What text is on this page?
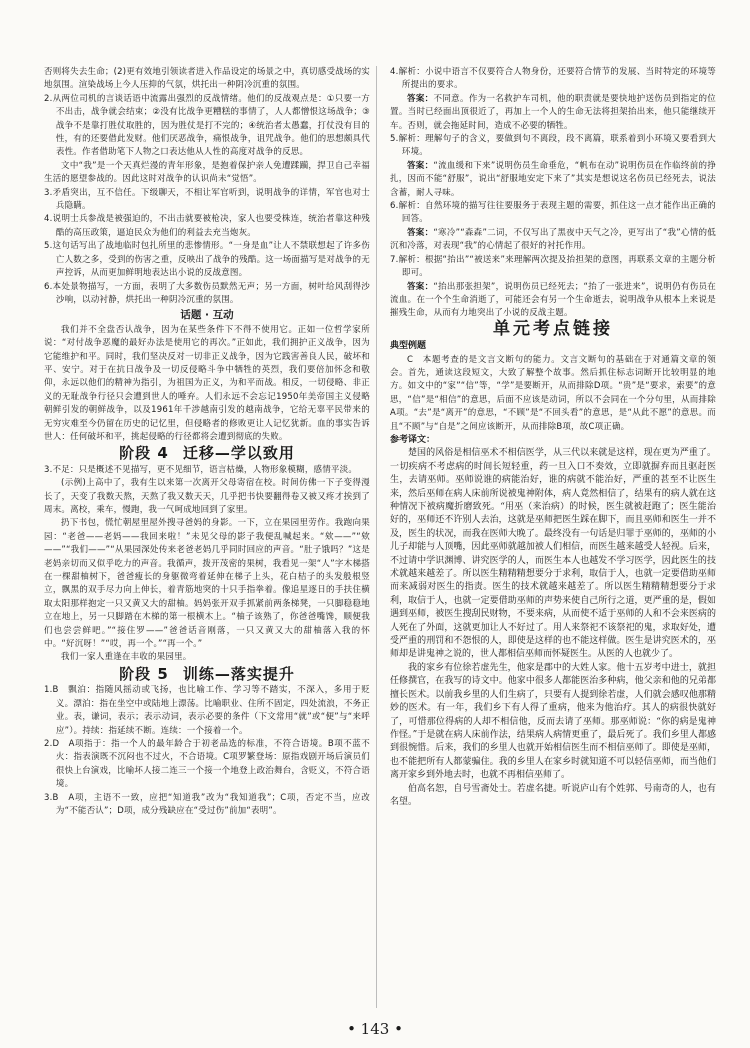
否则将失去生命；(2)更有效地引领读者进入作品设定的场景之中，真切感受战场的实地氛围。渲染战场上今人压抑的气氛，烘托出一种阴冷沉重的氛围。

2.从两位司机的言谈话语中流露出强烈的反战情绪。他们的反战观点是：①只要一方不出击，战争就会结束；②没有比战争更糟糕的事情了，人人都憎恨这场战争；③战争不是靠打胜仗取胜的，因为胜仗是打不完的；④统治者太愚蠢，打仗没有目的性，有的还要借此发财。他们厌恶战争，痛恨战争，诅咒战争。他们的思想颇具代表性。作者借助笔下人物之口表达他从人性的高度对战争的反思。

文中“我”是一个天真烂漫的青年形象，是抱着保护亲人免遭蹂躏，捍卫自己幸福生活的愿望参战的。因此这时对战争的认识尚未“觉悟”。

3.矛盾突出，互不信任。下级聊天，不相让军官听到，说明战争的详情，军官也对士兵隐瞒。

4.说明士兵参战是被强迫的，不出击就要被枪决，家人也要受株连，统治者靠这种残酷的高压政策，逼迫民众为他们的利益去充当炮灰。

5.这句话写出了战地临时包扎所里的悲惨情形。“一身是血”让人不禁联想起了许多伤亡人数之多，受到的伤害之重，反映出了战争的残酷。这一场面描写是对战争的无声控诉，从而更加鲜明地表达出小说的反战意图。

6.本处景物描写，一方面，表明了大多数伤员默然无声；另一方面，树叶给风刮得沙沙响，以动衬静，烘托出一种阴冷沉重的氛围。

话题 · 互动

我们并不全盘否认战争，因为在某些条件下不得不使用它。正如一位哲学家所说：“对付战争恶魔的最好办法是使用它的再次。”正如此，我们拥护正义战争，因为它能维护和平。同时，我们坚决反对一切非正义战争，因为它践害善良人民，破坏和平、安宁。对于在抗日战争及一切反侵略斗争中牺牲的英烈，我们要倍加怀念和敬仰，永远以他们的精神为指引，为祖国为正义，为和平而战。相反，一切侵略、非正义的无耻战争行径只会遭到世人的唾弃。人们永远不会忘记1950年美帝国主义侵略朝鲜引发的朝鲜战争，以及1961年千涉越南引发的越南战争，它给无辜平民带来的无穷灾难至今仍留在历史的记忆里，但侵略者的修败更让人记忆犹新。血的事实告诉世人：任何破坏和平，挑起侵略的行径都将会遭到彻底的失败。

阶段 4 迁移—学以致用

3.不足：只是概述不见描写，更不见细节，语言枯燥，人物形象模糊，感情平淡。

(示例)上高中了，我有生以来第一次离开父母寄宿在校。时间仿佛一下子变得漫长了，天变了我数天熬，天熬了我又数天天，几乎把书快要翻得卷又被又疼才挨到了周末。离校，乘车，慢跑，我一气呵成地回到了家里。

扔下书包，慌忙朝屋里屋外搜寻爸妈的身影。一下，立在果园里劳作。我跑向果园：“老爸——老妈——我回来啦！”未见父母的影子我便乱喊起来。“欸——”“欸——”“我们——”“从果园深处传来老爸老妈几乎同时回应的声音。“肚子饿吗？”这是老妈亲切而又似乎吃力的声音。我循声，拨开茂密的果树，我看见一架“人”字木梯搭在一棵甜柚树下，爸爸瘦长的身躯微弯着延伸在梯子上头，花白桔子的头发般根竖立，飘黑的双手尽力向上伸长，着青筋地突的十只手指拳着。像追星逐日的手扶住横取太阳那样抱定一只又黄又大的甜柚。妈妈张开双手抓紧前两条梯凳，一只脚稳稳地立在地上，另一只脚踏在木梯的第一根横木上。“柚子该熟了，你爸爸嘴馋，顺便我们也尝尝鲜吧。”“接住罗——”爸爸话音刚落，一只又黄又大的甜柚落入我的怀中。“好沉呀！”“哎，再一个。”“再一个。”

我们一家人重逢在丰收的果园里。

阶段 5 训练—落实提升

1.B　飘泊：指随风摇动或飞扬，也比喻工作、学习等不踏实，不深入，多用于贬义。漂泊：指在坐空中或陆地上漂荡。比喻职业、住所不固定，四处流浪，不务正业。表，谦词，表示；表示动词，表示必要的条件（下文常用“就”或“便”与“来呼应”）。持续：指延续不断。连续：一个接着一个。

2.D　A项指于：指一个人的最年龄合于初老品选的标准，不符合语境。B项不蓝不火：指表演既不沉闷也不过火，不合语境。C项罗繁登场：原指戏剧开场后演员们很快上台演戏，比喻坏人接二连三一个接一个地登上政治舞台，含贬义，不符合语境。

3.B　A项，主语不一致，应把“知道我”改为“我知道我”；C项，否定不当，应改为“不能否认”；D项，成分残缺应在“受过伤”前加“表明”。

4.解析：小说中语言不仅要符合人物身份，还要符合情节的发展、当时特定的环境等所提出的要求。

答案：不同意。作为一名救护车司机，他的职责就是要快地护送伤员到指定的位置。当时已经面出顶很近了，再加上一个人的生命无法将担架抬出来，他只能继续开车。否则，就会拖延时间，造成不必要的牺牲。

5.解析：理解句子的含义，要做到句不离段，段不离篇，联系着到小环境又要看到大环境。

答案：“流血缓和下来”说明伤员生命垂危，“帆布在动”说明伤员在作临终前的挣扎，因而不能“舒服”，说出“舒服地安定下来了”其实是想说这名伤员已经死去，说法含蓄，耐人寻味。

6.解析：自然环境的描写往往要服务于表现主题的需要，抓住这一点才能作出正确的回答。

答案：“寒冷”“森森”二词，不仅写出了黑夜中天气之冷，更写出了“我”心情的低沉和冷落，对表现“我”的心情起了很好的衬托作用。

7.解析：根据“抬出”“被送来”来理解两次提及抬担架的意图，再联系文章的主题分析即可。

答案：“抬出那张担架”，说明伤员已经死去；“抬了一张进来”，说明仍有伤员在流血。在一个个生命消逝了，可能还会有另一个生命逝去，说明战争从根本上来说是摧残生命，从而有力地突出了小说的反战主题。

单元考点链接

典型例题

C　本题考查的是文言文断句的能力。文言文断句的基础在于对通篇文章的领会。首先，通读这段短文，大致了解整个故事。然后抓住标志词断开比较明显的地方。如文中的“家”“信”等，“学”是要断开，从而排除D项。“贵”是“要求，索要”的意思，“信”是“相信”的意思，后面不应该是动词，所以不会同在一个分句里，从而排除A项。“去”是“离开”的意思，“不顾”是“不回头看”的意思，是“从此不愿”的意思。而且“不顾”与“自是”之间应该断开，从而排除B项，故C项正确。

参考译文：

楚国的风俗是相信巫术不相信医学，从三代以来就是这样，现在更为严重了。一切疾病不考虑病的时间长短轻重，药一旦入口不奏效，立即就摒弃而且驱赶医生，去请巫师。巫师说谁的病能治好，谁的病就不能治好，严重的甚至不让医生来，然后巫师在病人床前所说被鬼神附体，病人竟然相信了，结果有的病人就在这种情况下被病魔折磨致死。“用巫（来治病）的时候，医生就被赶跑了；医生能治好的，巫师还不许别人去治，这就是巫师把医生踩在脚下，而且巫师和医生一并不及，医生的状况，而我在医师大晚了。最终没有一句话是归罪于巫师的，巫师的小儿子却能与人顶嘴，因此巫师就越加被人们相信，而医生越来越受人轻视。后来，不过请中学识渊博、讲究医学的人，而医生本人也越发不学习医学，因此医生的技术就越来越差了。所以医生精精精想要分于求利，取信于人，也就一定要借助巫师而来减弱对医生的指责。医生的技术就越来越差了。所以医生精精精想要分于求利，取信于人，也就一定要借助巫师的声势来使自己所行之道，更严重的是，假如遇到巫师，被医生搜刮民财物，不要来病，从而使不适于巫师的人和不会来医病的人死在了外面，这就更加让人不好过了。用人来祭祀不该祭祀的鬼，求取好处，遭受严重的刑罚和不怨恨的人，即使是这样的也不能这样做。医生是讲究医术的，巫师却是讲鬼神之说的，世人都相信巫师而怀疑医生。从医的人也就少了。

我的家乡有位徐若虚先生，他家是郡中的大姓人家。他十五岁考中进士，就担任修撰官，在我写的诗文中。他家中很多人都能医治多种病，他父亲和他的兄弟都擅长医术。以前我乡里的人们生病了，只要有人提到徐若虚，人们就会感叹他那精妙的医术。有一年，我们乡下有人得了重病，他来为他治疗。其人的病很快就好了，可惜那位得病的人却不相信他，反而去请了巫师。那巫师说：“你的病是鬼神作怪。”于是就在病人床前作法，结果病人病情更重了，最后死了。我们乡里人都感到很惋惜。后来，我们的乡里人也就开始相信医生而不相信巫师了。即使是巫师，也不能把所有人都蒙骗住。我的乡里人在家乡时就知道不可以轻信巫师，而当他们离开家乡到外地去时，也就不再相信巫师了。

伯高名恕，自号雪斋处士。若虚名捷。听说庐山有个姓郭、号南奇的人，也有名望。

• 143 •
